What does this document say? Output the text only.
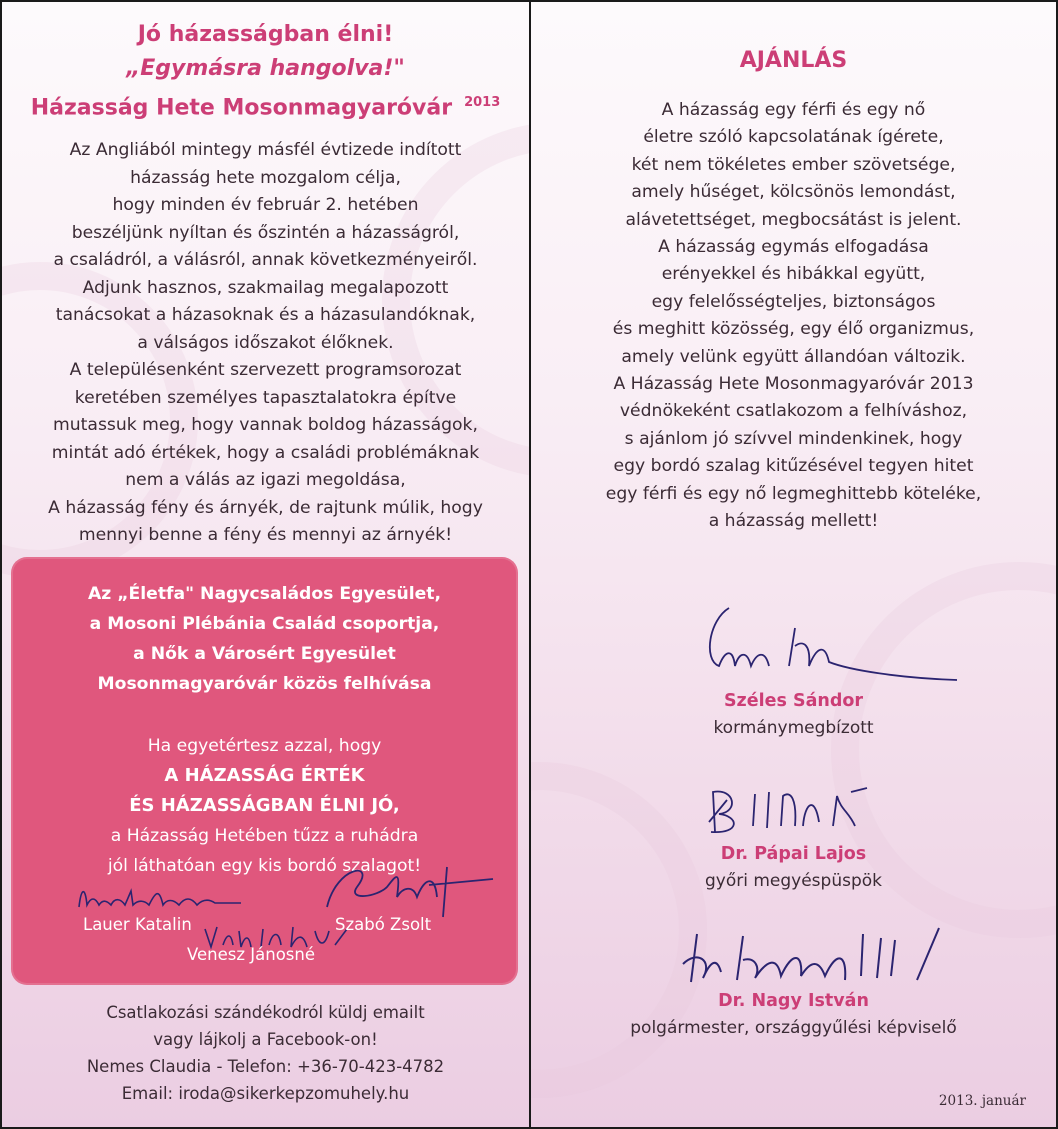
Jó házasságban élni!

„Egymásra hangolva!"

Házasság Hete Mosonmagyaróvár $^{2013}$

Az Angliából mintegy másfél évtizede indított
házasság hete mozgalom célja,
hogy minden év február 2. hetében
beszéljünk nyíltan és őszintén a házasságról,
a családról, a válásról, annak következményeiről.
Adjunk hasznos, szakmailag megalapozott
tanácsokat a házasoknak és a házasulandóknak,
a válságos időszakot élőknek.
A településenként szervezett programsorozat
keretében személyes tapasztalatokra építve
mutassuk meg, hogy vannak boldog házasságok,
mintát adó értékek, hogy a családi problémáknak
nem a válás az igazi megoldása,
A házasság fény és árnyék, de rajtunk múlik, hogy
mennyi benne a fény és mennyi az árnyék!
Az „Életfa" Nagycsaládos Egyesület,
a Mosoni Plébánia Család csoportja,
a Nők a Városért Egyesület
Mosonmagyaróvár közös felhívása
Ha egyetértesz azzal, hogy
A HÁZASSÁG ÉRTÉK
ÉS HÁZASSÁGBAN ÉLNI JÓ,
a Házasság Hetében tűzz a ruhádra
jól láthatóan egy kis bordó szalagot!
Lauer Katalin	Szabó Zsolt
Venesz Jánosné
Csatlakozási szándékodról küldj emailt
vagy lájkolj a Facebook-on!
Nemes Claudia - Telefon: +36-70-423-4782
Email: iroda@sikerkepzomuhely.hu
AJÁNLÁS
A házasság egy férfi és egy nő
életre szóló kapcsolatának ígérete,
két nem tökéletes ember szövetsége,
amely hűséget, kölcsönös lemondást,
alávetettséget, megbocsátást is jelent.
A házasság egymás elfogadása
erényekkel és hibákkal együtt,
egy felelősségteljes, biztonságos
és meghitt közösség, egy élő organizmus,
amely velünk együtt állandóan változik.
A Házasság Hete Mosonmagyaróvár 2013
védnökeként csatlakozom a felhíváshoz,
s ajánlom jó szívvel mindenkinek, hogy
egy bordó szalag kitűzésével tegyen hitet
egy férfi és egy nő legmeghittebb köteléke,
a házasság mellett!
Széles Sándor
kormánymegbízott
Dr. Pápai Lajos
győri megyéspüspök
Dr. Nagy István
polgármester, országgyűlési képviselő
2013. január
